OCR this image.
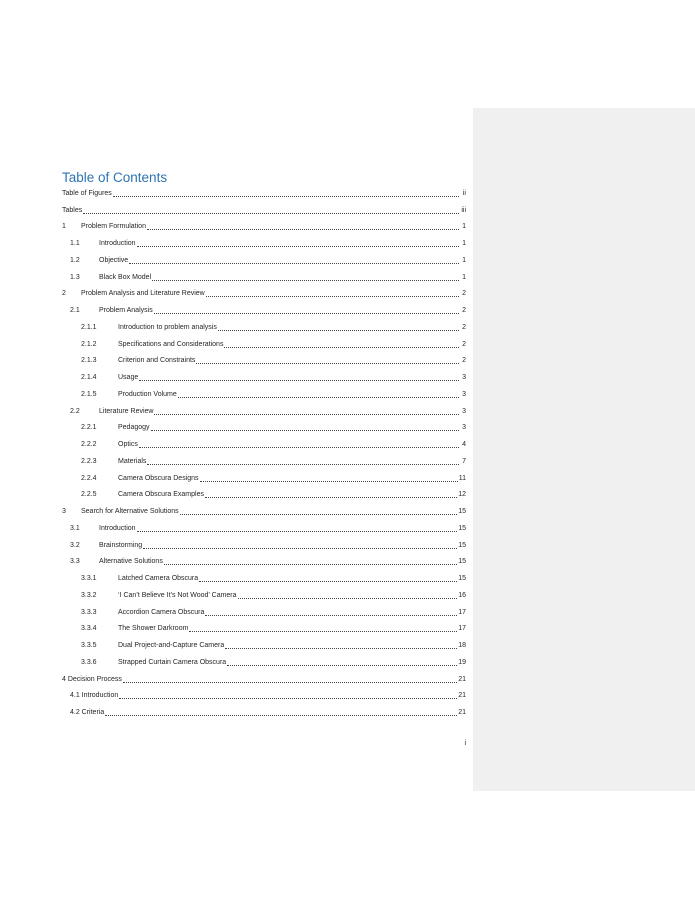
Table of Contents
Table of Figures	ii
Tables	iii
1	Problem Formulation	1
1.1	Introduction	1
1.2	Objective	1
1.3	Black Box Model	1
2	Problem Analysis and Literature Review	2
2.1	Problem Analysis	2
2.1.1	Introduction to problem analysis	2
2.1.2	Specifications and Considerations	2
2.1.3	Criterion and Constraints	2
2.1.4	Usage	3
2.1.5	Production Volume	3
2.2	Literature Review	3
2.2.1	Pedagogy	3
2.2.2	Optics	4
2.2.3	Materials	7
2.2.4	Camera Obscura Designs	11
2.2.5	Camera Obscura Examples	12
3	Search for Alternative Solutions	15
3.1	Introduction	15
3.2	Brainstorming	15
3.3	Alternative Solutions	15
3.3.1	Latched Camera Obscura	15
3.3.2	‘I Can’t Believe It’s Not Wood’ Camera	16
3.3.3	Accordion Camera Obscura	17
3.3.4	The Shower Darkroom	17
3.3.5	Dual Project-and-Capture Camera	18
3.3.6	Strapped Curtain Camera Obscura	19
4 Decision Process	21
4.1 Introduction	21
4.2 Criteria	21
i
